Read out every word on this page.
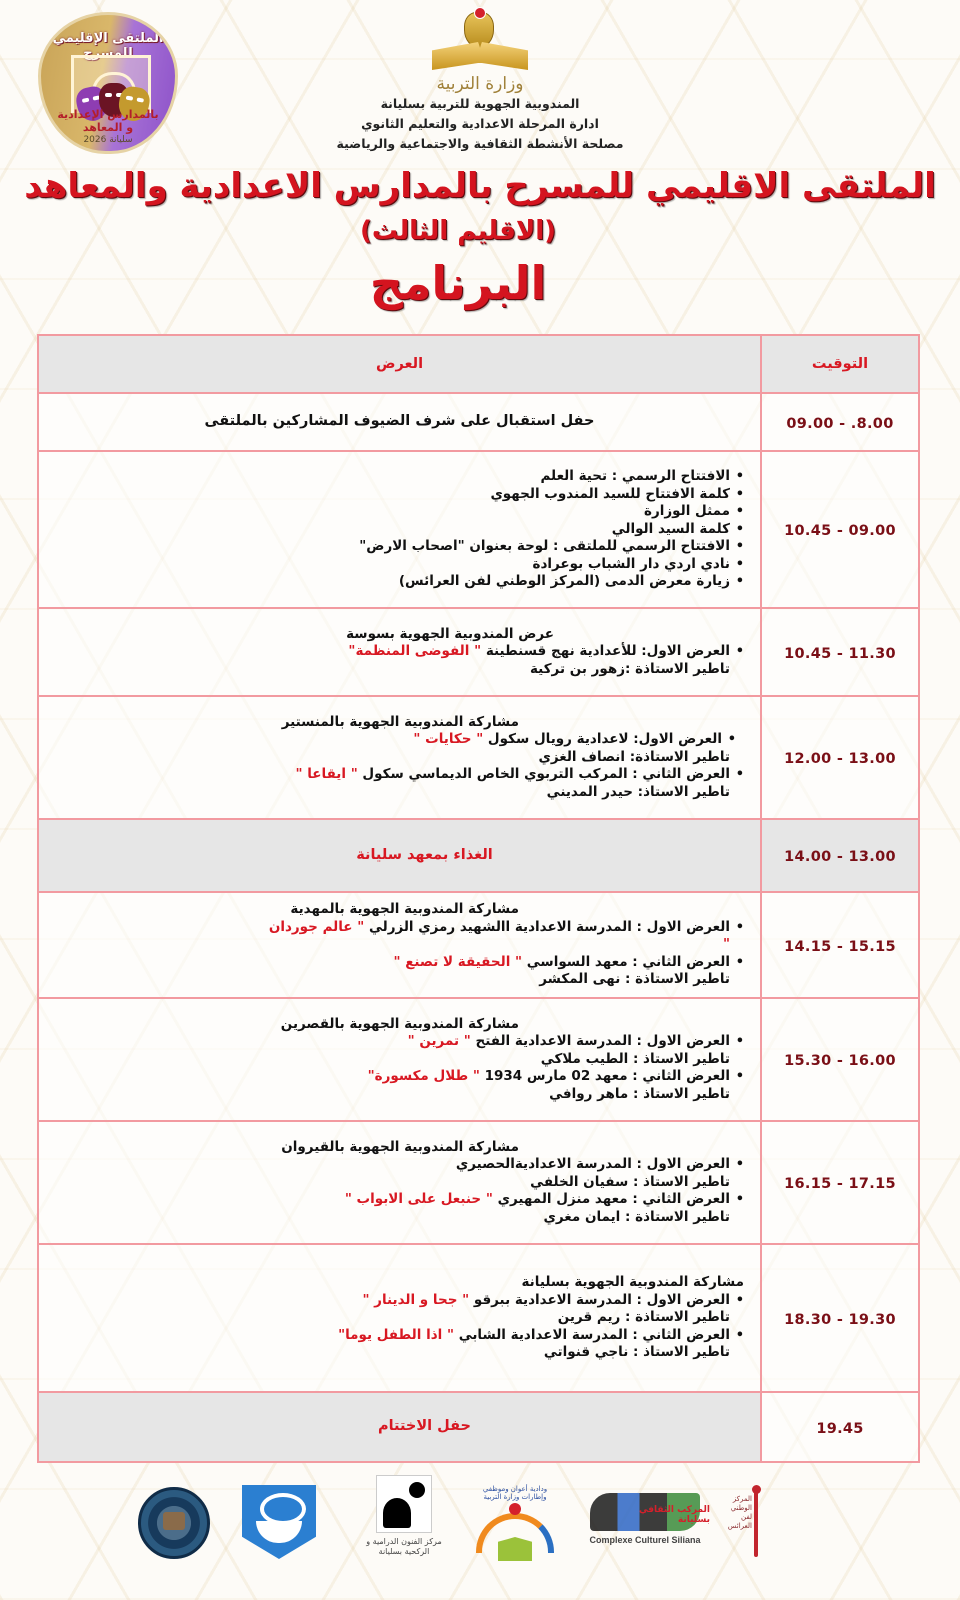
الملتقى الإقليمي للمسرح
بالمدارس الإعدادية
و المعاهد
سليانة 2026
وزارة التربية
المندوبية الجهوية للتربية بسليانة
ادارة المرحلة الاعدادية والتعليم الثانوي
مصلحة الأنشطة الثقافية والاجتماعية والرياضية
الملتقى الاقليمي للمسرح بالمدارس الاعدادية والمعاهد
(الاقليم الثالث)
البرنامج
التوقيت	العرض
8.00. - 09.00	حفل استقبال على شرف الضيوف المشاركين بالملتقى

09.00 - 10.45	
• الافتتاح الرسمي : تحية العلم
• كلمة الافتتاح للسيد المندوب الجهوي
• ممثل الوزارة
• كلمة السيد الوالي
• الافتتاح الرسمي للملتقى : لوحة بعنوان "اصحاب الارض"
• نادي اردي دار الشباب بوعرادة
• زيارة معرض الدمى (المركز الوطني لفن العرائس)

11.30 - 10.45	عرض المندوبية الجهوية بسوسة
• العرض الاول: للأعدادية نهج قسنطينة " الفوضى المنظمة"
تاطير الاستاذة :زهور بن تركية

13.00 - 12.00	مشاركة المندوبية الجهوية بالمنستير
• العرض الاول: لاعدادية رويال سكول " حكايات "
تاطير الاستاذة: انصاف الغزي
• العرض الثاني : المركب التربوي الخاص الديماسي سكول " ايقاعا "
تاطير الاستاذ: حيدر المديني

13.00 - 14.00	الغذاء بمعهد سليانة

15.15 - 14.15	مشاركة المندوبية الجهوية بالمهدية
• العرض الاول : المدرسة الاعدادية االشهيد رمزي الزرلي " عالم جوردان "
• العرض الثاني : معهد السواسي " الحقيقة لا تصنع "
تاطير الاستاذة : نهى المكشر

16.00 - 15.30	مشاركة المندوبية الجهوية بالقصرين
• العرض الاول : المدرسة الاعدادية الفتح " تمرين "
تاطير الاستاذ : الطيب ملاكي
• العرض الثاني : معهد 02 مارس 1934 " طلال مكسورة"
تاطير الاستاذ : ماهر روافي

17.15 - 16.15	مشاركة المندوبية الجهوية بالقيروان
• العرض الاول : المدرسة الاعداديةالحصيري
تاطير الاستاذ : سفيان الخلفي
• العرض الثاني : معهد منزل المهيري " حنبعل على الابواب "
تاطير الاستاذة : ايمان مغري

19.30 - 18.30	مشاركة المندوبية الجهوية بسليانة
• العرض الاول : المدرسة الاعدادية ببرقو " جحا و الدينار "
تاطير الاستاذة : ريم قرين
• العرض الثاني : المدرسة الاعدادية الشابي " اذا الطفل يوما"
تاطير الاستاذ : ناجي قنواتي

19.45	حفل الاختتام
مركز الفنون الدرامية و الركحية بسليانة
ودادية أعوان وموظفي وإطارات وزارة التربية
المركب الثقافي بسليانة
Complexe Culturel Siliana
المركز الوطني لفن العرائس
